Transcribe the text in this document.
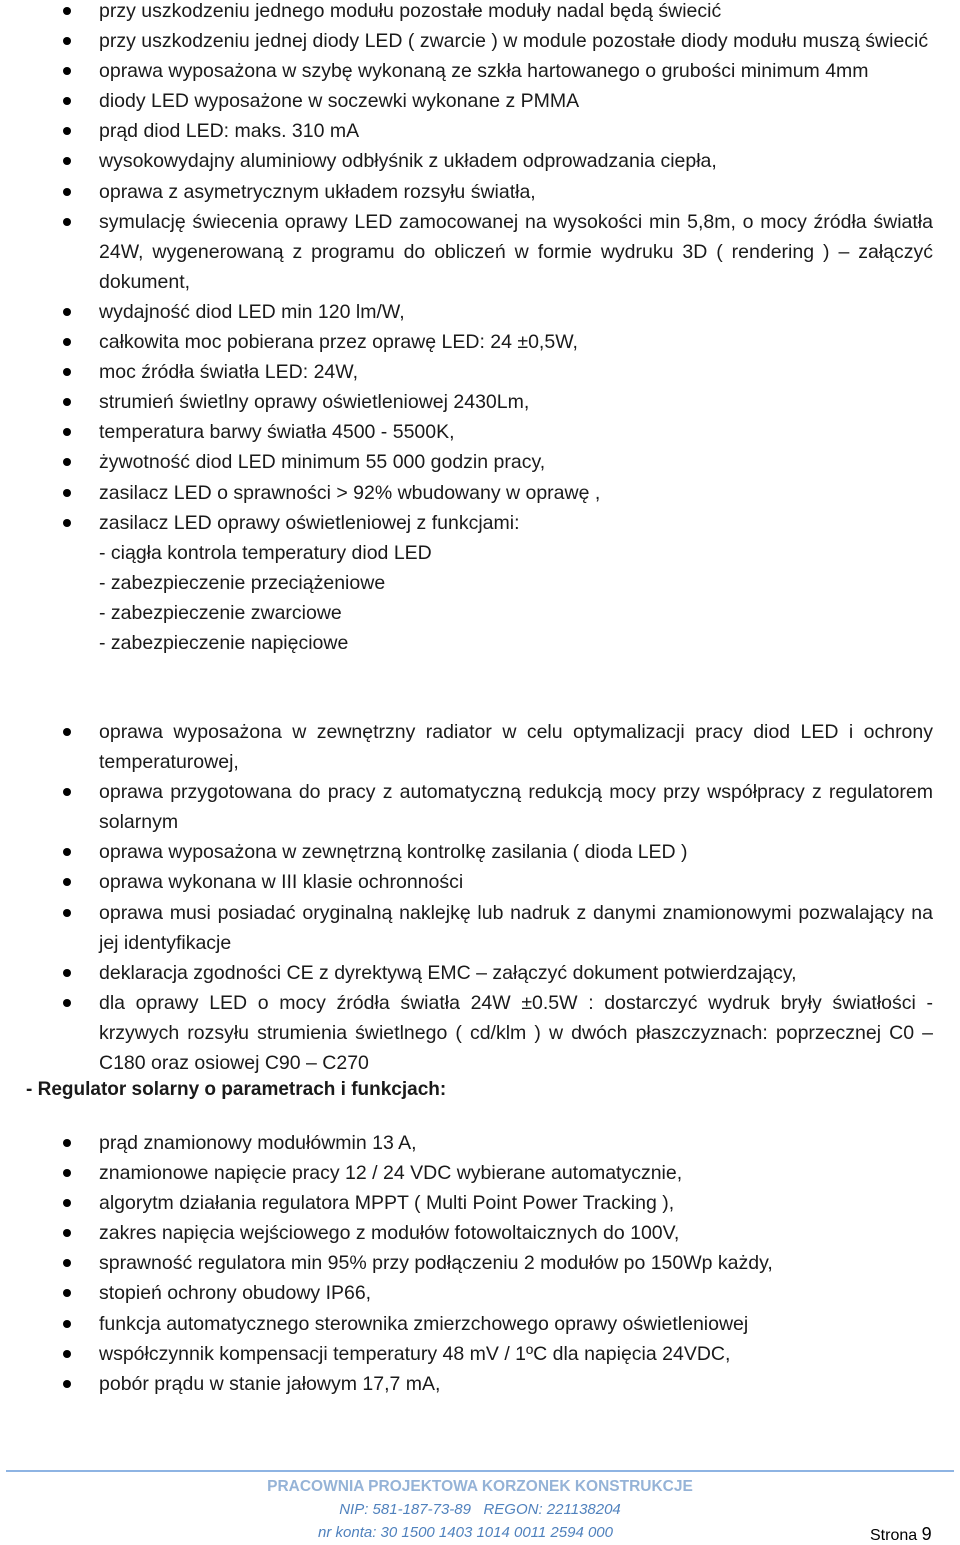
przy uszkodzeniu jednego modułu pozostałe moduły nadal będą świecić
przy uszkodzeniu jednej diody LED ( zwarcie ) w module pozostałe diody modułu muszą świecić
oprawa wyposażona w szybę wykonaną ze szkła hartowanego o grubości minimum 4mm
diody LED wyposażone w soczewki wykonane z PMMA
prąd diod LED: maks. 310 mA
wysokowydajny aluminiowy odbłyśnik z układem odprowadzania ciepła,
oprawa z asymetrycznym układem rozsyłu światła,
symulację świecenia oprawy LED zamocowanej na wysokości min 5,8m, o mocy źródła światła 24W, wygenerowaną z programu do obliczeń w formie wydruku 3D ( rendering ) – załączyć dokument,
wydajność diod LED min 120 lm/W,
całkowita moc pobierana przez oprawę LED: 24 ±0,5W,
moc źródła światła LED: 24W,
strumień świetlny oprawy oświetleniowej 2430Lm,
temperatura barwy światła 4500 - 5500K,
żywotność diod LED minimum 55 000 godzin pracy,
zasilacz LED o sprawności > 92% wbudowany w oprawę ,
zasilacz LED oprawy oświetleniowej z funkcjami:
- ciągła kontrola temperatury diod LED
- zabezpieczenie przeciążeniowe
- zabezpieczenie zwarciowe
- zabezpieczenie napięciowe
oprawa wyposażona w zewnętrzny radiator w celu optymalizacji pracy diod LED i ochrony temperaturowej,
oprawa przygotowana do pracy z automatyczną redukcją mocy przy współpracy z regulatorem solarnym
oprawa wyposażona w zewnętrzną kontrolkę zasilania ( dioda LED )
oprawa wykonana w III klasie ochronności
oprawa musi posiadać oryginalną naklejkę lub nadruk z danymi znamionowymi pozwalający na jej identyfikacje
deklaracja zgodności CE z dyrektywą EMC – załączyć dokument potwierdzający,
dla oprawy LED o mocy źródła światła 24W ±0.5W : dostarczyć wydruk bryły światłości - krzywych rozsyłu strumienia świetlnego ( cd/klm ) w dwóch płaszczyznach: poprzecznej C0 – C180 oraz osiowej C90 – C270

- Regulator solarny o parametrach i funkcjach:

prąd znamionowy modułówmin 13 A,
znamionowe napięcie pracy 12 / 24 VDC wybierane automatycznie,
algorytm działania regulatora MPPT ( Multi Point Power Tracking ),
zakres napięcia wejściowego z modułów fotowoltaicznych do 100V,
sprawność regulatora min 95% przy podłączeniu 2 modułów po 150Wp każdy,
stopień ochrony obudowy IP66,
funkcja automatycznego sterownika zmierzchowego oprawy oświetleniowej
współczynnik kompensacji temperatury 48 mV / 1ºC dla napięcia 24VDC,
pobór prądu w stanie jałowym 17,7 mA,

PRACOWNIA PROJEKTOWA KORZONEK KONSTRUKCJE

NIP: 581-187-73-89   REGON: 221138204

nr konta: 30 1500 1403 1014 0011 2594 000	Strona 9
